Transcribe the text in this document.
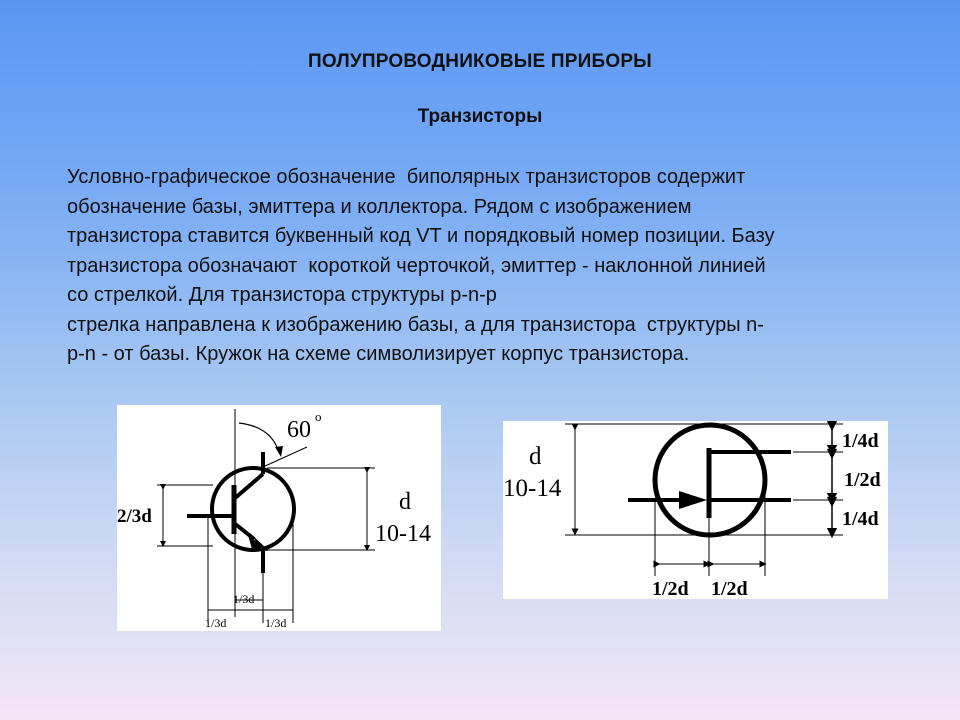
ПОЛУПРОВОДНИКОВЫЕ ПРИБОРЫ
Транзисторы
Условно-графическое обозначение  биполярных транзисторов содержит
обозначение базы, эмиттера и коллектора. Рядом с изображением
транзистора ставится буквенный код VT и порядковый номер позиции. Базу
транзистора обозначают  короткой черточкой, эмиттер - наклонной линией
со стрелкой. Для транзистора структуры p-n-p
стрелка направлена к изображению базы, а для транзистора  структуры n-
p-n - от базы. Кружок на схеме символизирует корпус транзистора.
60
o
2/3d
d
10-14
1/3d
1/3d	1/3d
d
10-14
1/4d
1/2d
1/4d
1/2d 1/2d
